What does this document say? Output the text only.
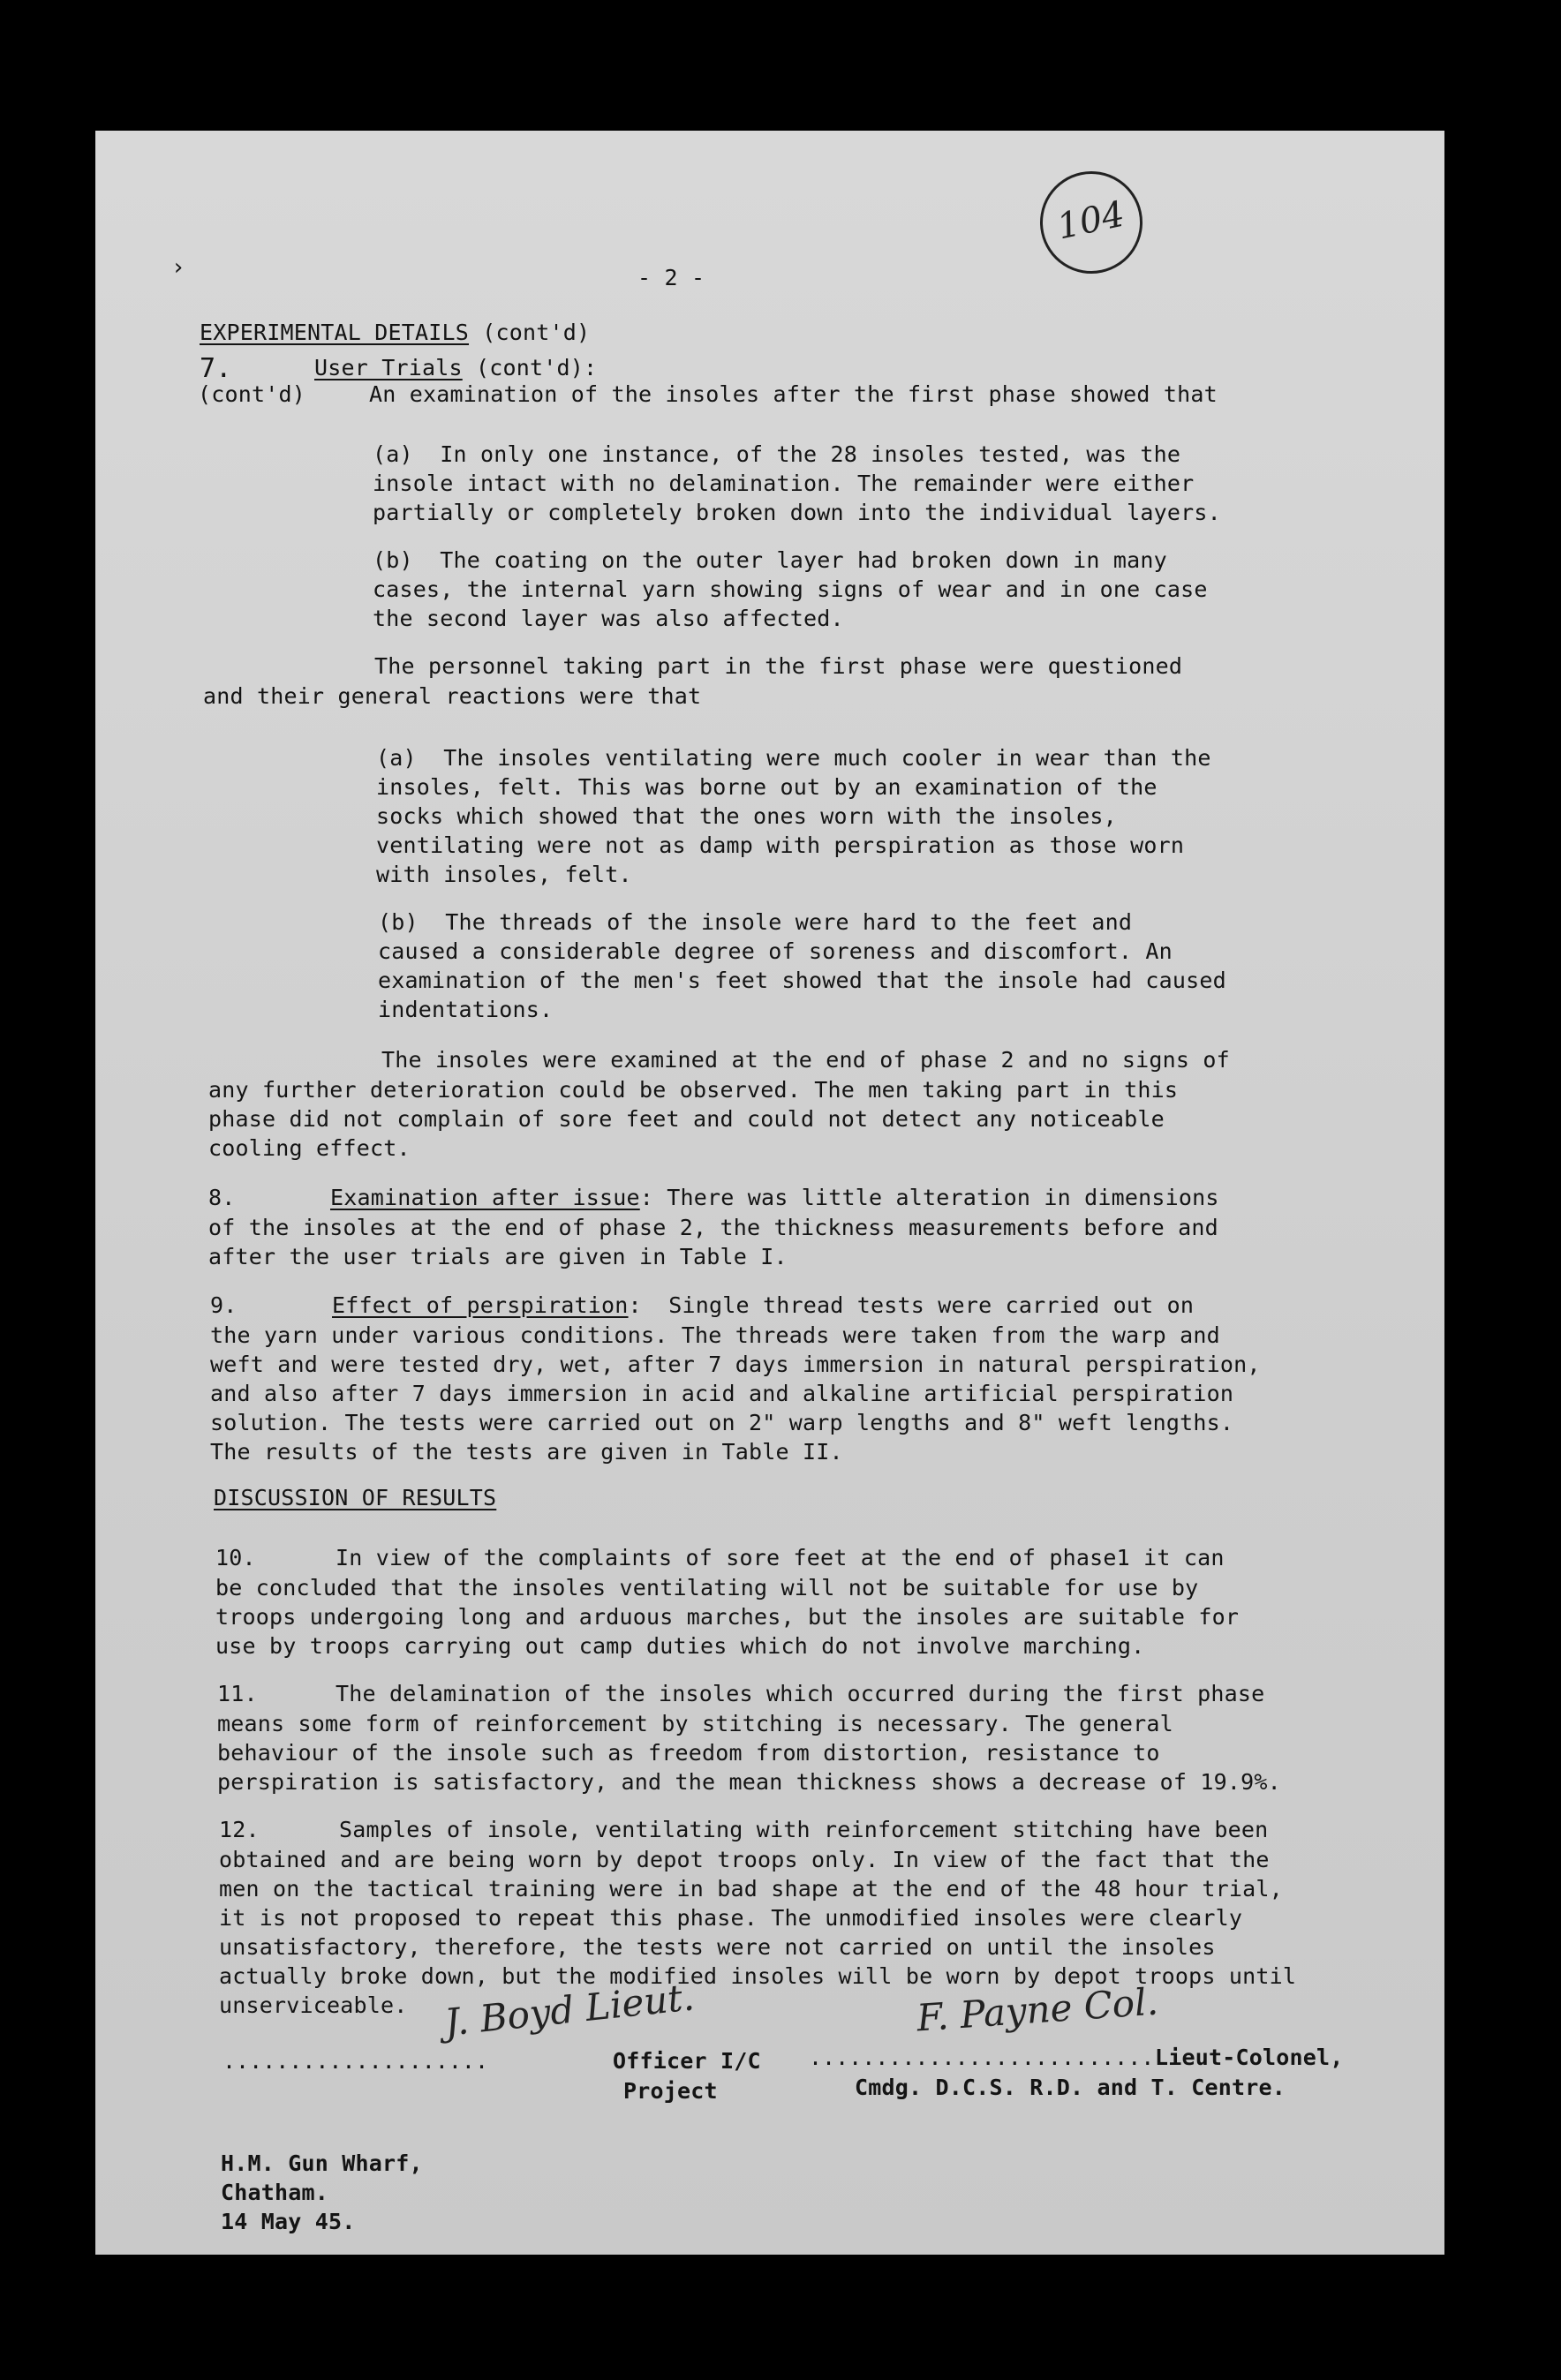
›	- 2 -
104
EXPERIMENTAL DETAILS (cont'd)
7.
(cont'd)
User Trials (cont'd):
An examination of the insoles after the first phase showed that
(a)  In only one instance, of the 28 insoles tested, was the
insole intact with no delamination. The remainder were either
partially or completely broken down into the individual layers.
(b)  The coating on the outer layer had broken down in many
cases, the internal yarn showing signs of wear and in one case
the second layer was also affected.
The personnel taking part in the first phase were questioned
and their general reactions were that
(a)  The insoles ventilating were much cooler in wear than the
insoles, felt. This was borne out by an examination of the
socks which showed that the ones worn with the insoles,
ventilating were not as damp with perspiration as those worn
with insoles, felt.
(b)  The threads of the insole were hard to the feet and
caused a considerable degree of soreness and discomfort. An
examination of the men's feet showed that the insole had caused
indentations.
The insoles were examined at the end of phase 2 and no signs of
any further deterioration could be observed. The men taking part in this
phase did not complain of sore feet and could not detect any noticeable
cooling effect.
8.	Examination after issue: There was little alteration in dimensions
of the insoles at the end of phase 2, the thickness measurements before and
after the user trials are given in Table I.
9.	Effect of perspiration:  Single thread tests were carried out on
the yarn under various conditions. The threads were taken from the warp and
weft and were tested dry, wet, after 7 days immersion in natural perspiration,
and also after 7 days immersion in acid and alkaline artificial perspiration
solution. The tests were carried out on 2" warp lengths and 8" weft lengths.
The results of the tests are given in Table II.
DISCUSSION OF RESULTS
10.	In view of the complaints of sore feet at the end of phase1 it can
be concluded that the insoles ventilating will not be suitable for use by
troops undergoing long and arduous marches, but the insoles are suitable for
use by troops carrying out camp duties which do not involve marching.
11.	The delamination of the insoles which occurred during the first phase
means some form of reinforcement by stitching is necessary. The general
behaviour of the insole such as freedom from distortion, resistance to
perspiration is satisfactory, and the mean thickness shows a decrease of 19.9%.
12.	Samples of insole, ventilating with reinforcement stitching have been
obtained and are being worn by depot troops only. In view of the fact that the
men on the tactical training were in bad shape at the end of the 48 hour trial,
it is not proposed to repeat this phase. The unmodified insoles were clearly
unsatisfactory, therefore, the tests were not carried on until the insoles
actually broke down, but the modified insoles will be worn by depot troops until
unserviceable. J. Boyd Lieut.	F. Payne Col.
....................	Officer I/C
Project
.......................... Lieut-Colonel,
Cmdg. D.C.S. R.D. and T. Centre.
H.M. Gun Wharf,
Chatham.
14 May 45.
